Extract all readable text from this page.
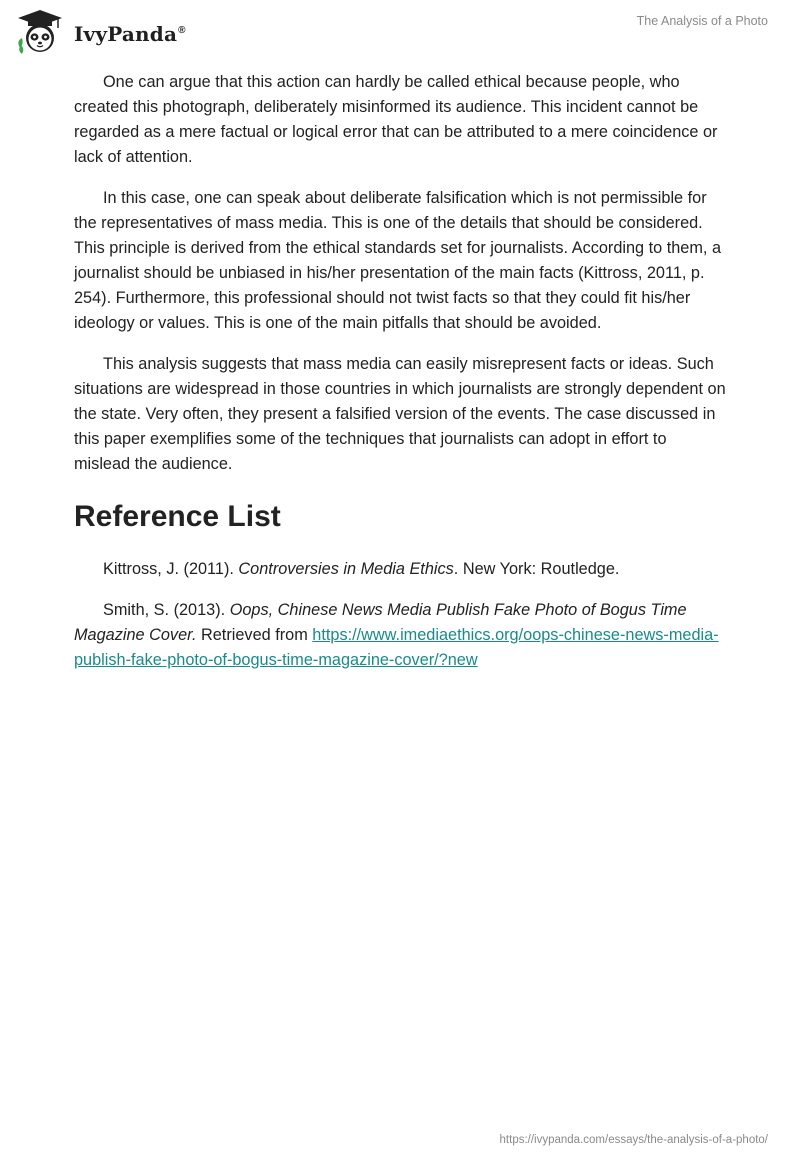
IvyPanda®
The Analysis of a Photo

One can argue that this action can hardly be called ethical because people, who created this photograph, deliberately misinformed its audience. This incident cannot be regarded as a mere factual or logical error that can be attributed to a mere coincidence or lack of attention.

In this case, one can speak about deliberate falsification which is not permissible for the representatives of mass media. This is one of the details that should be considered. This principle is derived from the ethical standards set for journalists. According to them, a journalist should be unbiased in his/her presentation of the main facts (Kittross, 2011, p. 254). Furthermore, this professional should not twist facts so that they could fit his/her ideology or values. This is one of the main pitfalls that should be avoided.

This analysis suggests that mass media can easily misrepresent facts or ideas. Such situations are widespread in those countries in which journalists are strongly dependent on the state. Very often, they present a falsified version of the events. The case discussed in this paper exemplifies some of the techniques that journalists can adopt in effort to mislead the audience.

Reference List

Kittross, J. (2011). Controversies in Media Ethics. New York: Routledge.

Smith, S. (2013). Oops, Chinese News Media Publish Fake Photo of Bogus Time Magazine Cover. Retrieved from https://www.imediaethics.org/oops-chinese-news-media-publish-fake-photo-of-bogus-time-magazine-cover/?new

https://ivypanda.com/essays/the-analysis-of-a-photo/
